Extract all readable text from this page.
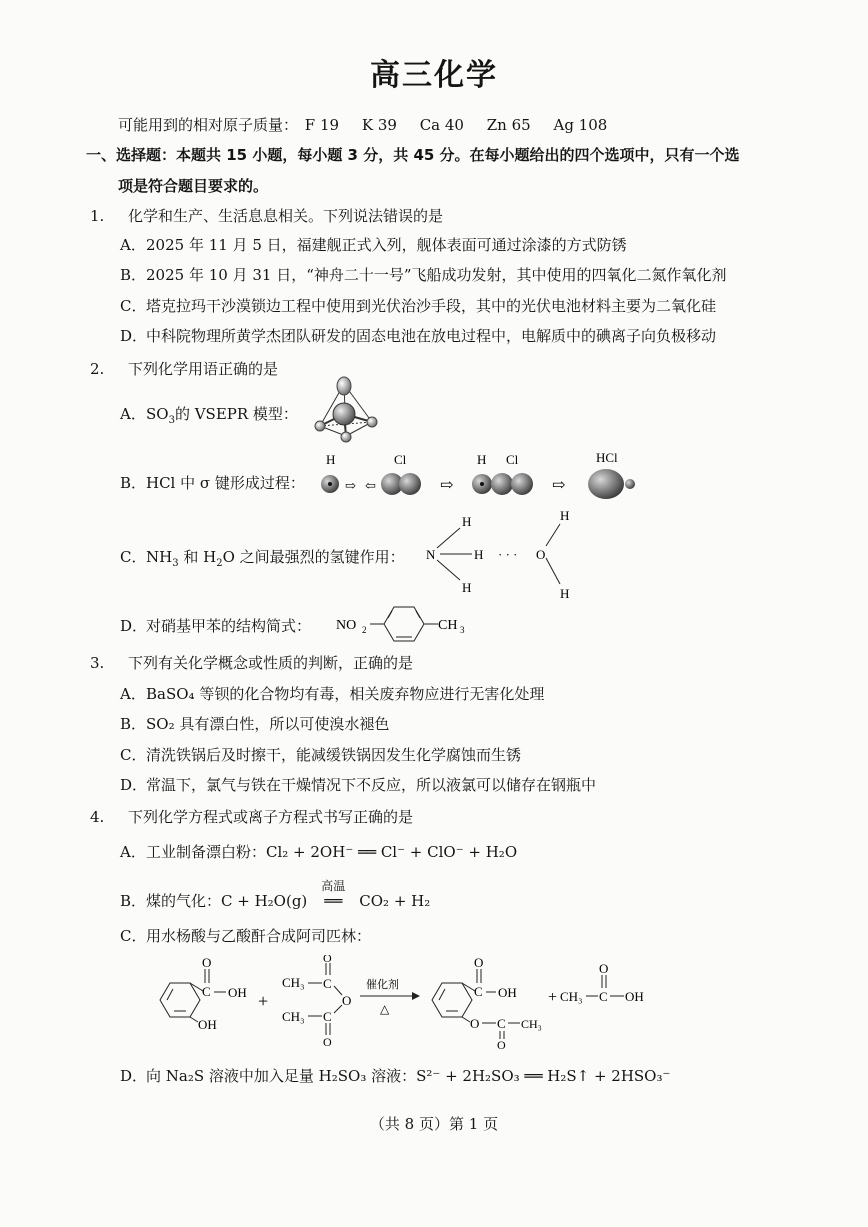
高三化学
可能用到的相对原子质量： F 19 K 39 Ca 40 Zn 65 Ag 108
一、选择题：本题共 15 小题，每小题 3 分，共 45 分。在每小题给出的四个选项中，只有一个选
项是符合题目要求的。
1. 化学和生产、生活息息相关。下列说法错误的是
A．2025 年 11 月 5 日，福建舰正式入列，舰体表面可通过涂漆的方式防锈
B．2025 年 10 月 31 日，“神舟二十一号”飞船成功发射，其中使用的四氧化二氮作氧化剂
C．塔克拉玛干沙漠锁边工程中使用到光伏治沙手段，其中的光伏电池材料主要为二氧化硅
D．中科院物理所黄学杰团队研发的固态电池在放电过程中，电解质中的碘离子向负极移动
2. 下列化学用语正确的是
A．$SO_3$的 VSEPR 模型：
B．HCl 中 σ 键形成过程：
H
⇨ ⇦
Cl
⇨
H Cl
⇨
HCl
C．$NH_3$ 和 $H_2O$ 之间最强烈的氢键作用：
H
N	H
H
· · ·
H
O
H
D．对硝基甲苯的结构简式： NO 2	CH 3
3. 下列有关化学概念或性质的判断，正确的是
A．BaSO₄ 等钡的化合物均有毒，相关废弃物应进行无害化处理
B．SO₂ 具有漂白性，所以可使溴水褪色
C．清洗铁锅后及时擦干，能减缓铁锅因发生化学腐蚀而生锈
D．常温下，氯气与铁在干燥情况下不反应，所以液氯可以储存在钢瓶中
4. 下列化学方程式或离子方程式书写正确的是
A．工业制备漂白粉：Cl₂ + 2OH⁻ ══ Cl⁻ + ClO⁻ + H₂O
B．煤的气化：C + H₂O(g)
高温
══ CO₂ + H₂
C．用水杨酸与乙酸酐合成阿司匹林：
C
O
OH
OH
+
CH₃ C
O
O
C
O
CH₃
催化剂
△
C
O
OH
O C
O
CH₃
+ CH₃ C
O
OH
D．向 Na₂S 溶液中加入足量 H₂SO₃ 溶液：S²⁻ + 2H₂SO₃ ══ H₂S↑ + 2HSO₃⁻
（共 8 页）第 1 页
